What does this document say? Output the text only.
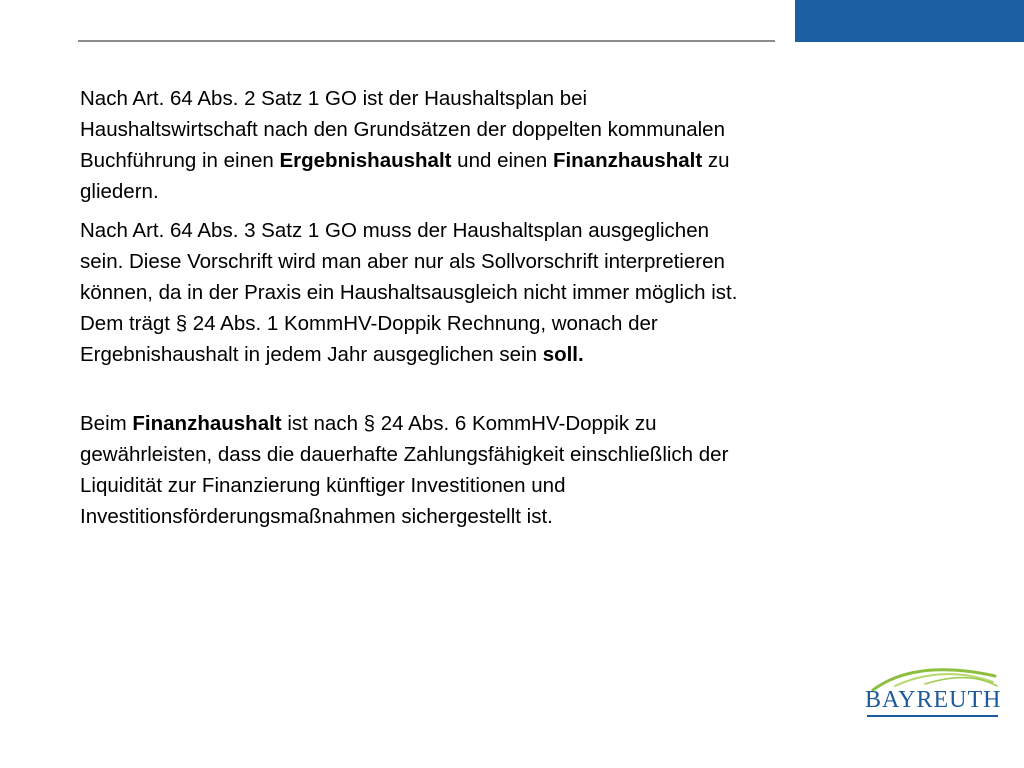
Nach Art. 64 Abs. 2 Satz 1 GO ist der Haushaltsplan bei Haushaltswirtschaft nach den Grundsätzen der doppelten kommunalen Buchführung in einen Ergebnishaushalt und einen Finanzhaushalt zu gliedern.

Nach Art. 64 Abs. 3 Satz 1 GO muss der Haushaltsplan ausgeglichen sein. Diese Vorschrift wird man aber nur als Sollvorschrift interpretieren können, da in der Praxis ein Haushaltsausgleich nicht immer möglich ist. Dem trägt § 24 Abs. 1 KommHV-Doppik Rechnung, wonach der Ergebnishaushalt in jedem Jahr ausgeglichen sein soll.

Beim Finanzhaushalt ist nach § 24 Abs. 6 KommHV-Doppik zu gewährleisten, dass die dauerhafte Zahlungsfähigkeit einschließlich der Liquidität zur Finanzierung künftiger Investitionen und Investitionsförderungsmaßnahmen sichergestellt ist.

BAYREUTH
